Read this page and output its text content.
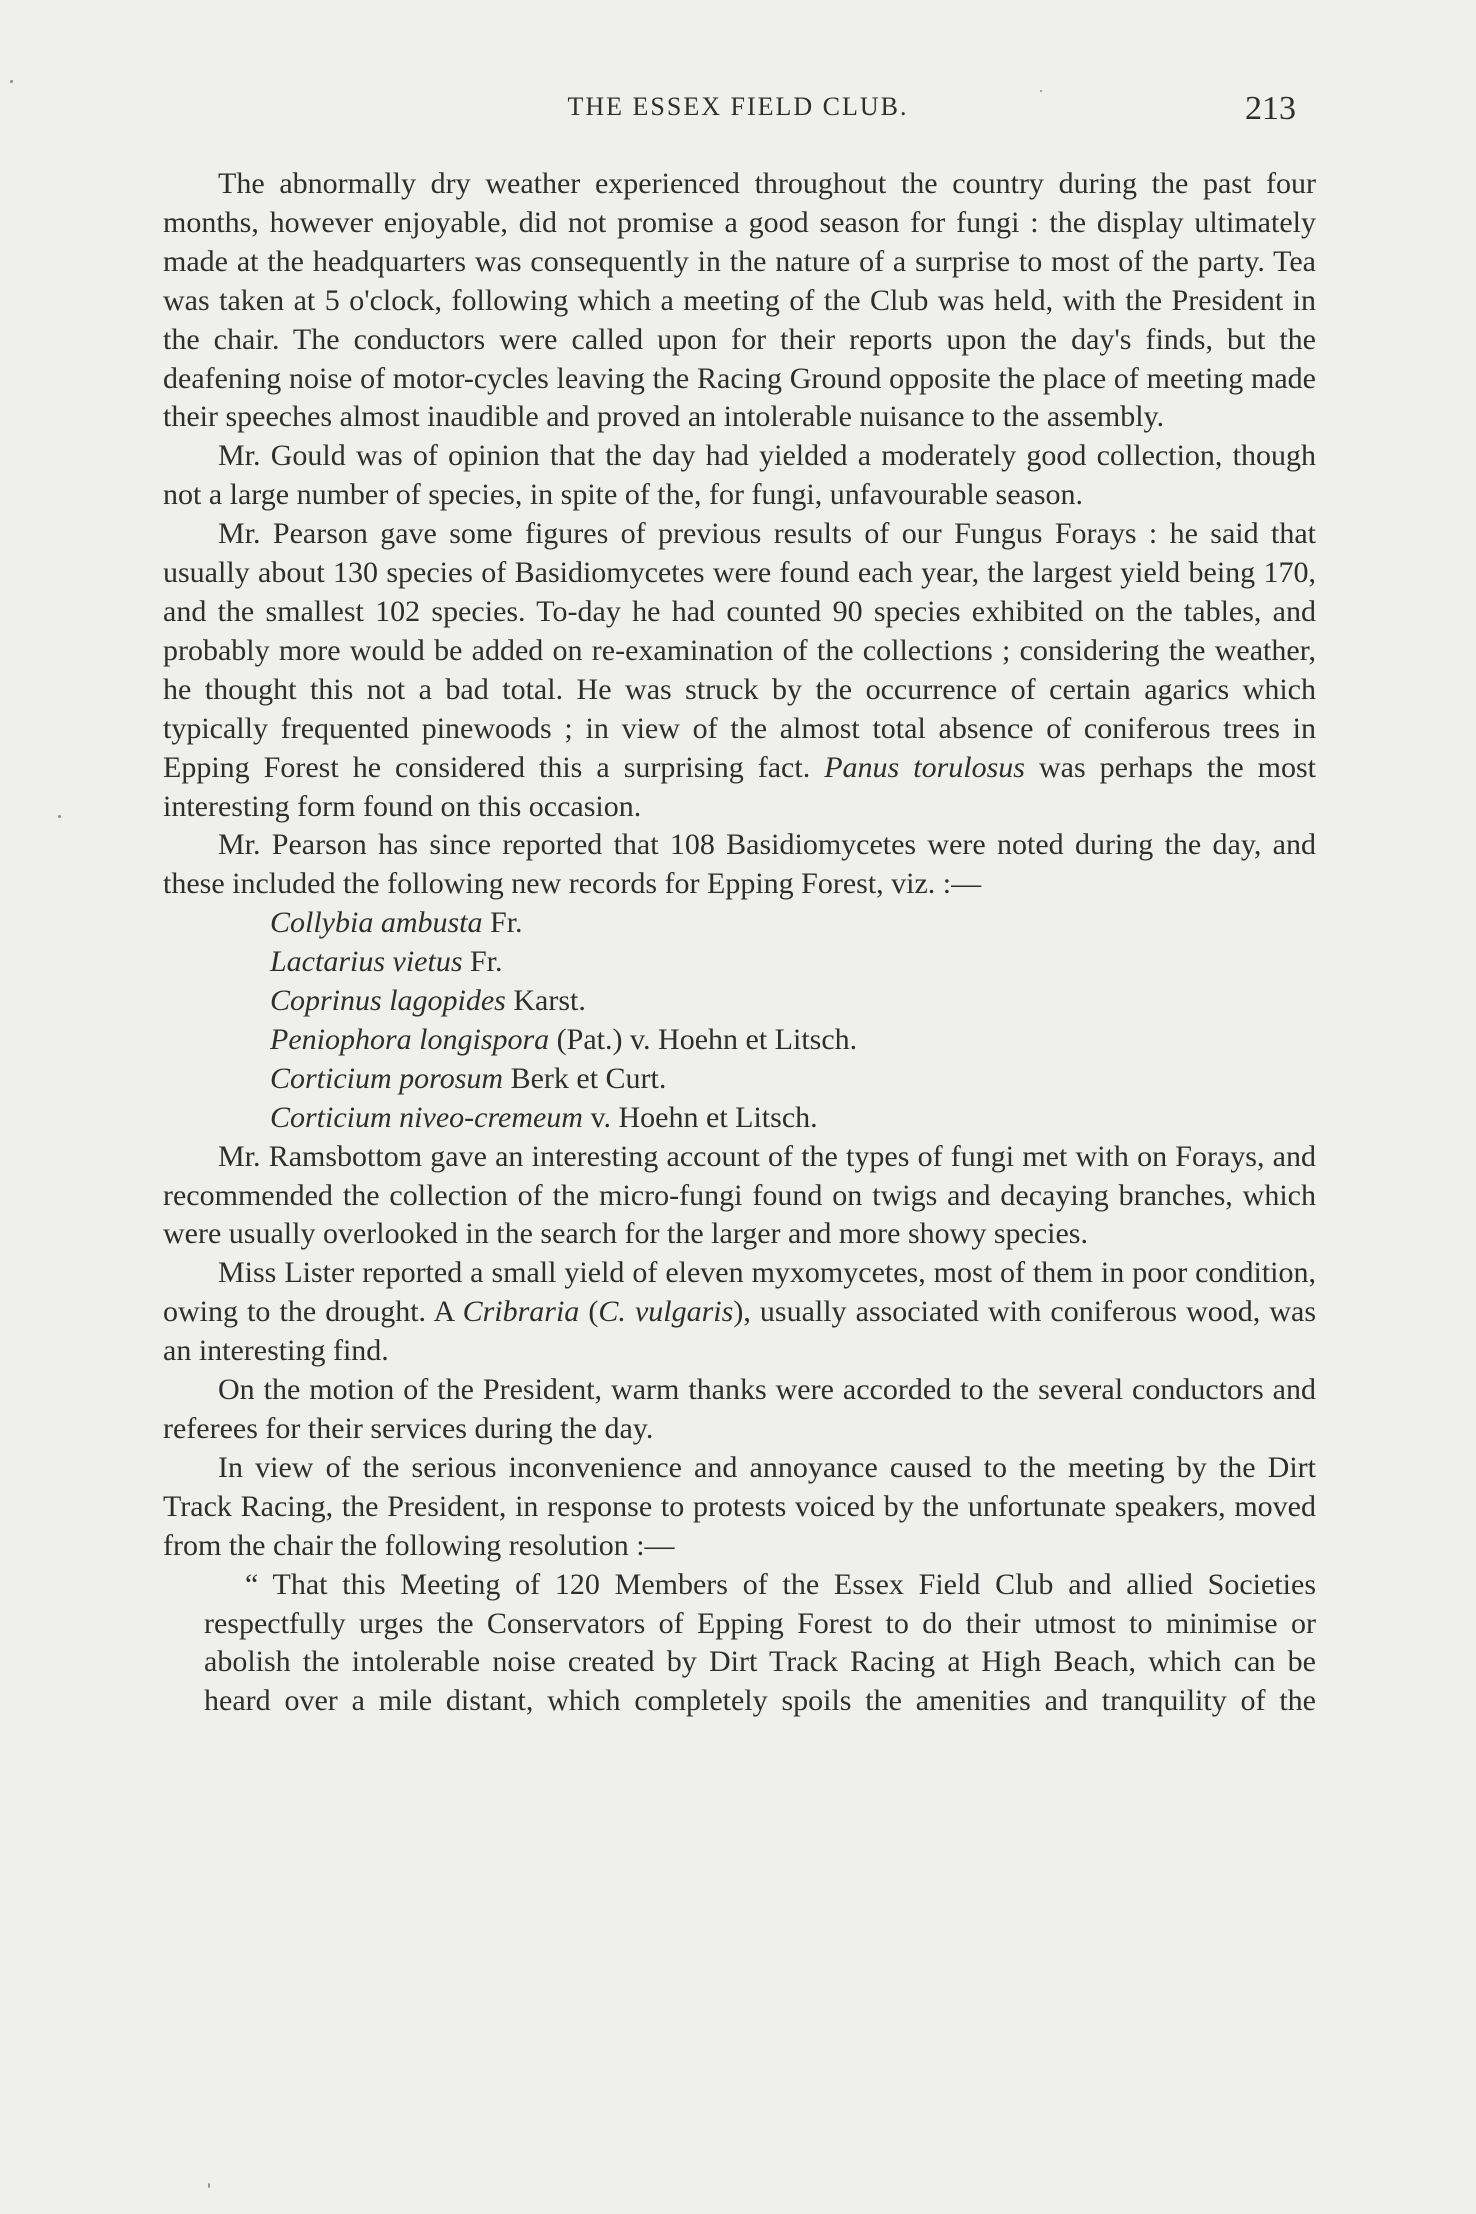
THE ESSEX FIELD CLUB.	213

The abnormally dry weather experienced throughout the country during the past four months, however enjoyable, did not promise a good season for fungi : the display ultimately made at the headquarters was consequently in the nature of a surprise to most of the party. Tea was taken at 5 o'clock, following which a meeting of the Club was held, with the President in the chair. The conductors were called upon for their reports upon the day's finds, but the deafening noise of motor-cycles leaving the Racing Ground opposite the place of meeting made their speeches almost inaudible and proved an intolerable nuisance to the assembly.

Mr. Gould was of opinion that the day had yielded a moderately good collection, though not a large number of species, in spite of the, for fungi, unfavourable season.

Mr. Pearson gave some figures of previous results of our Fungus Forays : he said that usually about 130 species of Basidiomycetes were found each year, the largest yield being 170, and the smallest 102 species. To-day he had counted 90 species exhibited on the tables, and probably more would be added on re-examination of the collections ; considering the weather, he thought this not a bad total. He was struck by the occurrence of certain agarics which typically frequented pinewoods ; in view of the almost total absence of coniferous trees in Epping Forest he considered this a surprising fact. Panus torulosus was perhaps the most interesting form found on this occasion.

Mr. Pearson has since reported that 108 Basidiomycetes were noted during the day, and these included the following new records for Epping Forest, viz. :—

Collybia ambusta Fr.

Lactarius vietus Fr.

Coprinus lagopides Karst.

Peniophora longispora (Pat.) v. Hoehn et Litsch.

Corticium porosum Berk et Curt.

Corticium niveo-cremeum v. Hoehn et Litsch.

Mr. Ramsbottom gave an interesting account of the types of fungi met with on Forays, and recommended the collection of the micro-fungi found on twigs and decaying branches, which were usually overlooked in the search for the larger and more showy species.

Miss Lister reported a small yield of eleven myxomycetes, most of them in poor condition, owing to the drought. A Cribraria (C. vulgaris), usually associated with coniferous wood, was an interesting find.

On the motion of the President, warm thanks were accorded to the several conductors and referees for their services during the day.

In view of the serious inconvenience and annoyance caused to the meeting by the Dirt Track Racing, the President, in response to protests voiced by the unfortunate speakers, moved from the chair the following resolution :—

“ That this Meeting of 120 Members of the Essex Field Club and allied Societies respectfully urges the Conservators of Epping Forest to do their utmost to minimise or abolish the intolerable noise created by Dirt Track Racing at High Beach, which can be heard over a mile distant, which completely spoils the amenities and tranquility of the
